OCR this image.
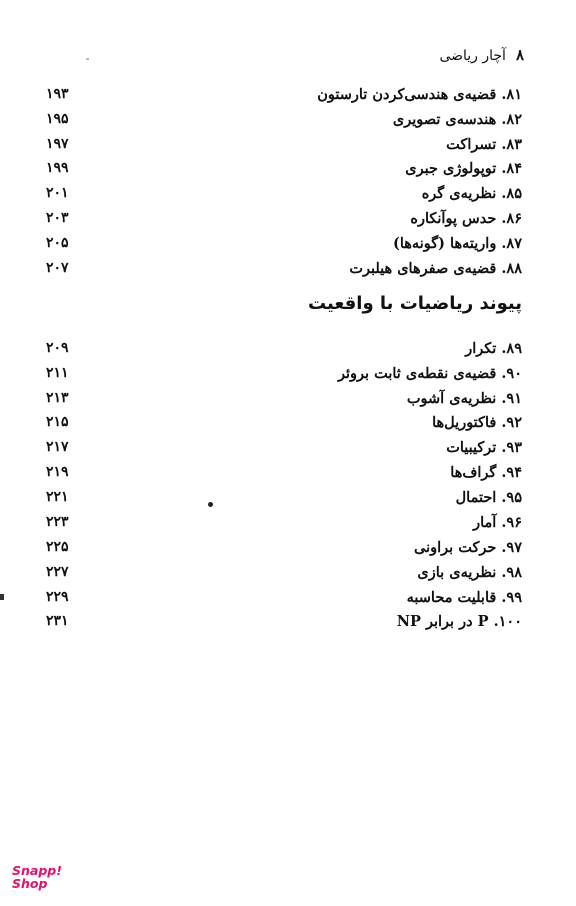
۸
آچار ریاضی
۸۱. قضیه‌ی هندسی‌کردن تارستون
۱۹۳
۸۲. هندسه‌ی تصویری
۱۹۵
۸۳. تسراکت
۱۹۷
۸۴. توپولوژی جبری
۱۹۹
۸۵. نظریه‌ی گره
۲۰۱
۸۶. حدس پوآنکاره
۲۰۳
۸۷. واریته‌ها (گونه‌ها)
۲۰۵
۸۸. قضیه‌ی صفرهای هیلبرت
۲۰۷
پیوند ریاضیات با واقعیت
۸۹. تکرار
۲۰۹
۹۰. قضیه‌ی نقطه‌ی ثابت بروئر
۲۱۱
۹۱. نظریه‌ی آشوب
۲۱۳
۹۲. فاکتوریل‌ها
۲۱۵
۹۳. ترکیبیات
۲۱۷
۹۴. گراف‌ها
۲۱۹
۹۵. احتمال
۲۲۱
۹۶. آمار
۲۲۳
۹۷. حرکت براونی
۲۲۵
۹۸. نظریه‌ی بازی
۲۲۷
۹۹. قابلیت محاسبه
۲۲۹
۱۰۰. P در برابر NP
۲۳۱
Snapp!
Shop
